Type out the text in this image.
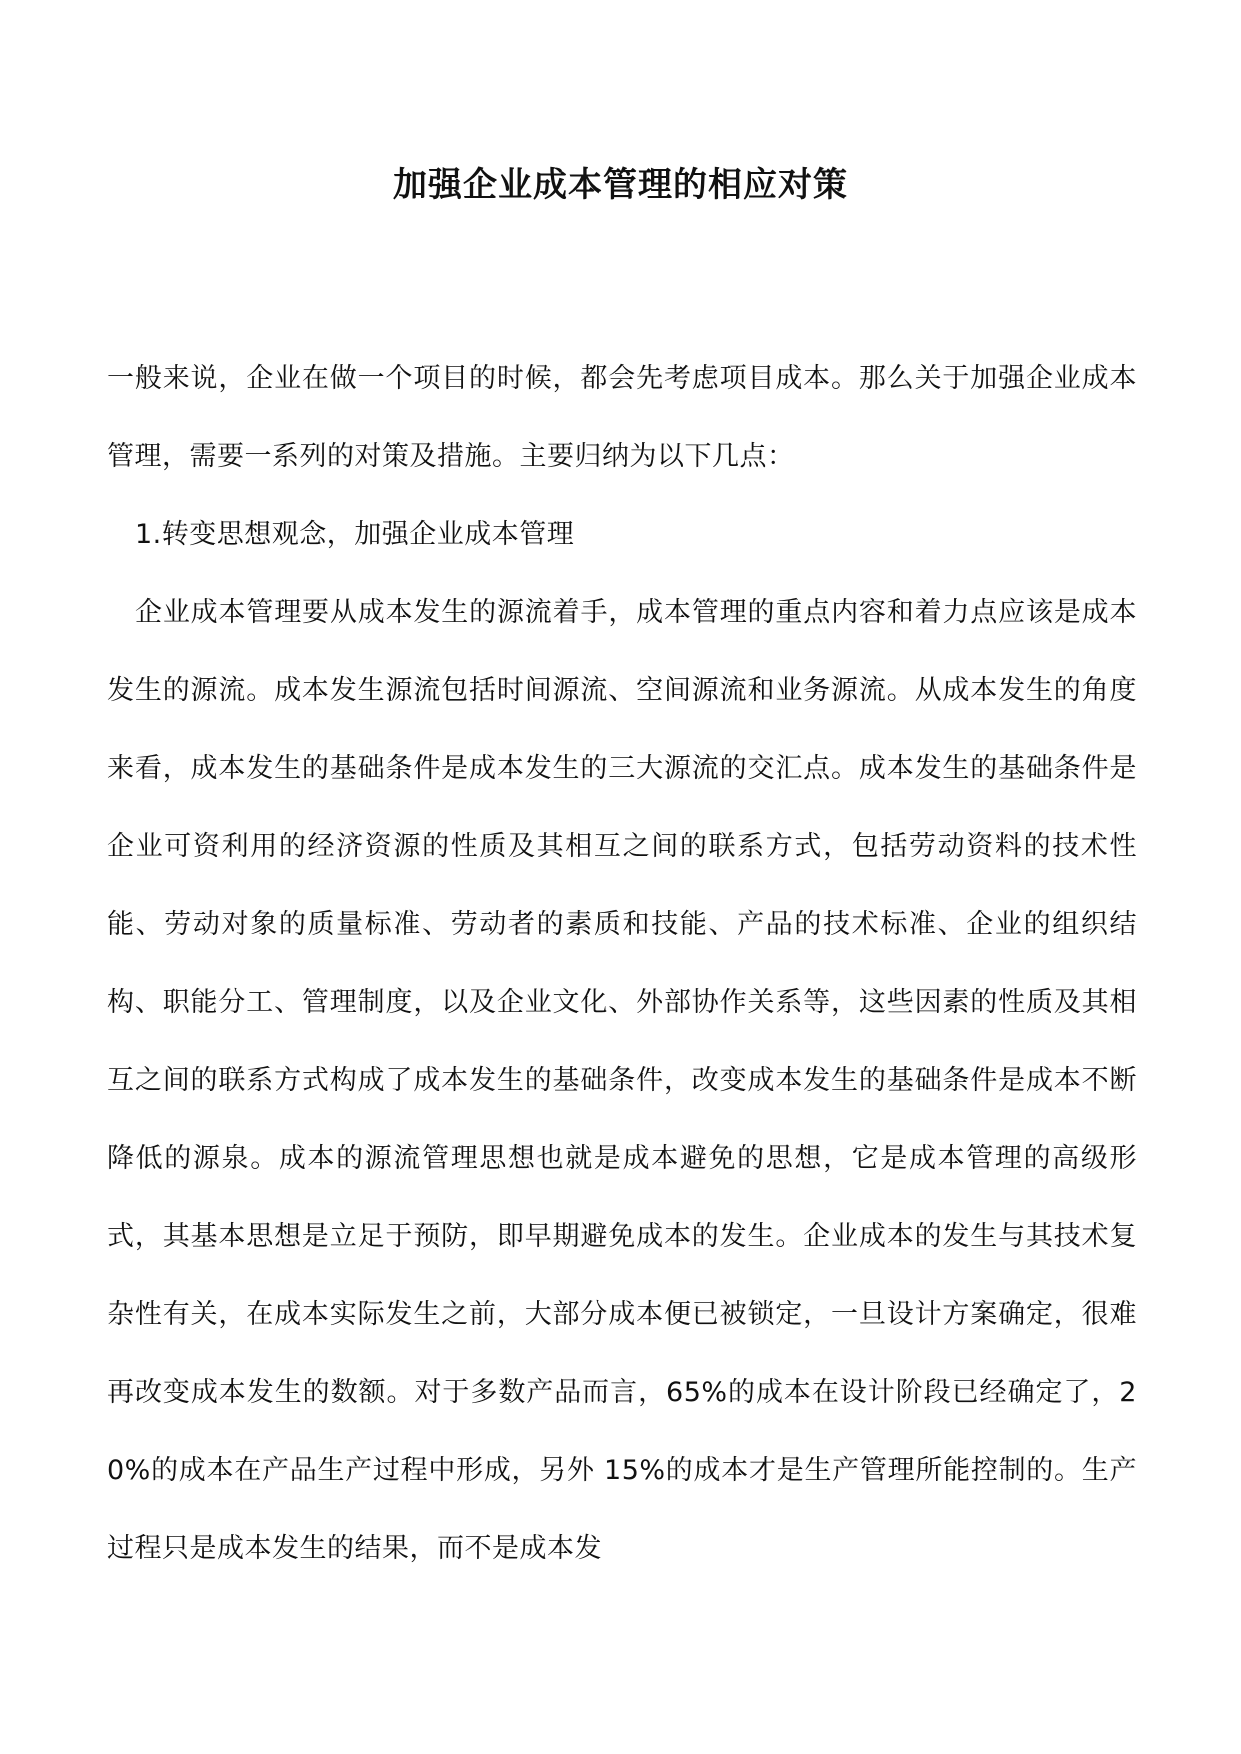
加强企业成本管理的相应对策

一般来说，企业在做一个项目的时候，都会先考虑项目成本。那么关于加强企业成本管理，需要一系列的对策及措施。主要归纳为以下几点：

1.转变思想观念，加强企业成本管理

企业成本管理要从成本发生的源流着手，成本管理的重点内容和着力点应该是成本发生的源流。成本发生源流包括时间源流、空间源流和业务源流。从成本发生的角度来看，成本发生的基础条件是成本发生的三大源流的交汇点。成本发生的基础条件是企业可资利用的经济资源的性质及其相互之间的联系方式，包括劳动资料的技术性能、劳动对象的质量标准、劳动者的素质和技能、产品的技术标准、企业的组织结构、职能分工、管理制度，以及企业文化、外部协作关系等，这些因素的性质及其相互之间的联系方式构成了成本发生的基础条件，改变成本发生的基础条件是成本不断降低的源泉。成本的源流管理思想也就是成本避免的思想，它是成本管理的高级形式，其基本思想是立足于预防，即早期避免成本的发生。企业成本的发生与其技术复杂性有关，在成本实际发生之前，大部分成本便已被锁定，一旦设计方案确定，很难再改变成本发生的数额。对于多数产品而言，65%的成本在设计阶段已经确定了，20%的成本在产品生产过程中形成，另外 15%的成本才是生产管理所能控制的。生产过程只是成本发生的结果，而不是成本发
